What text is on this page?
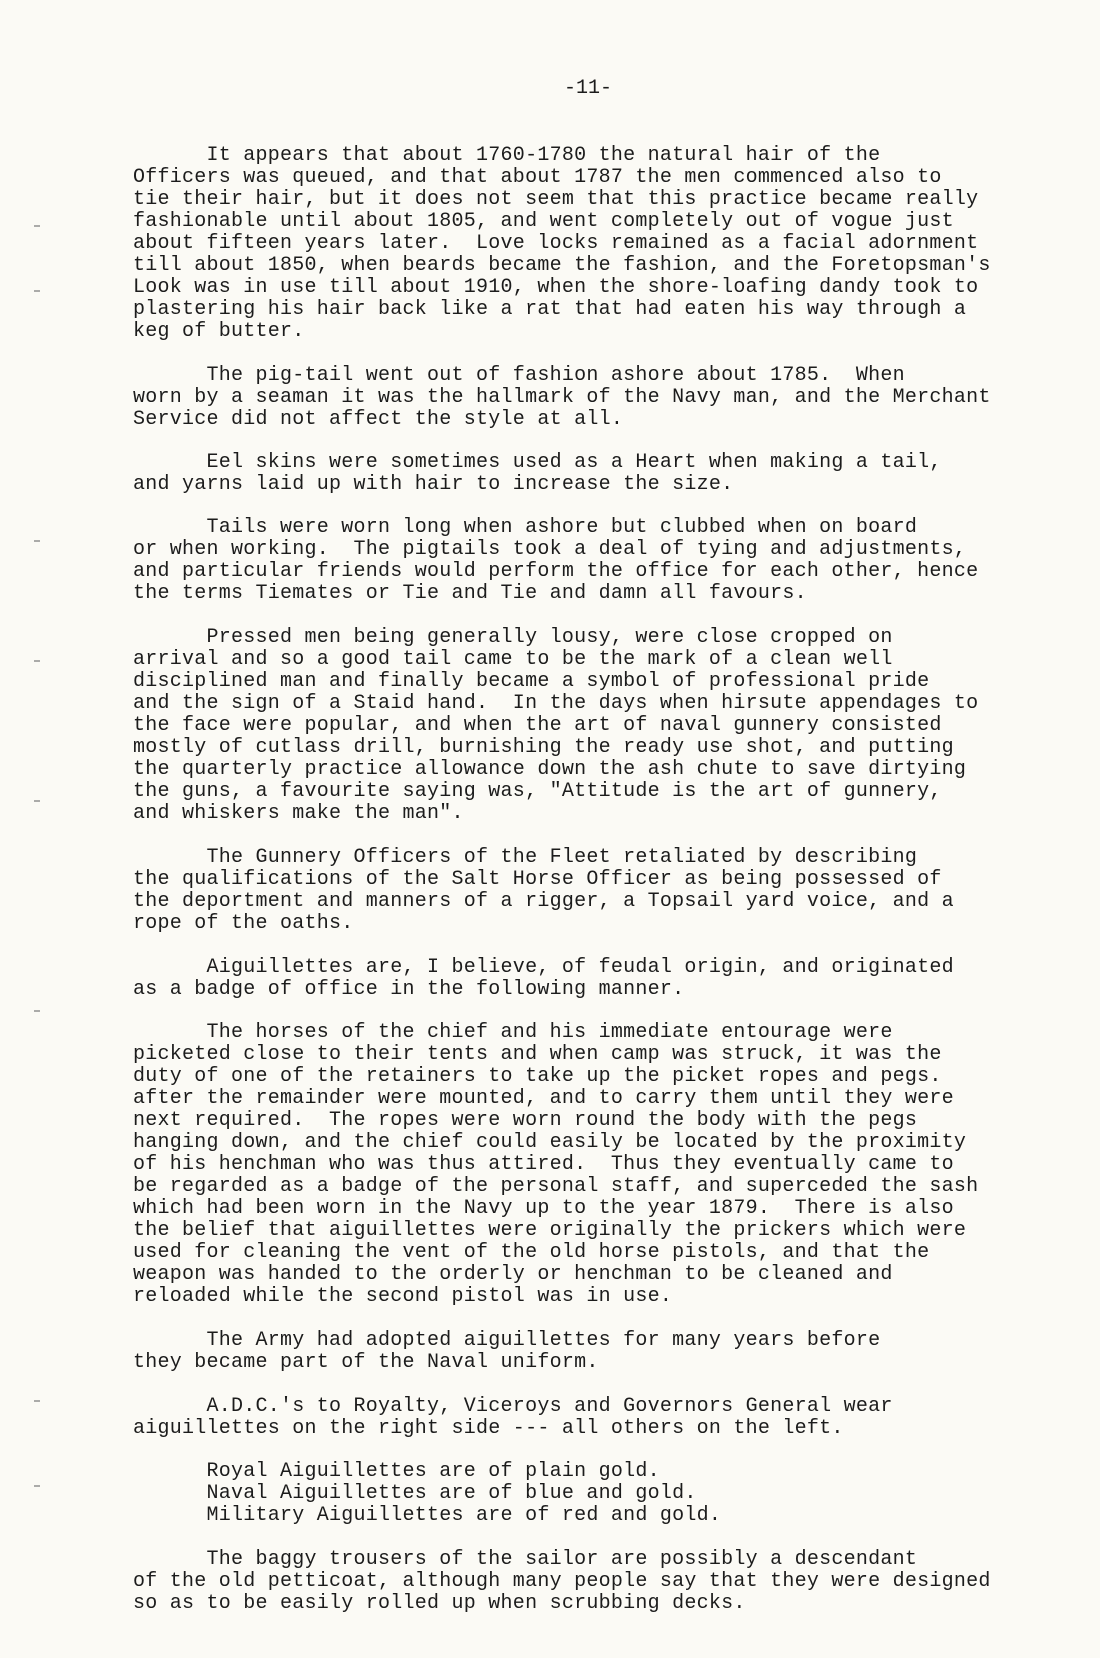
-11-
It appears that about 1760-1780 the natural hair of the
Officers was queued, and that about 1787 the men commenced also to
tie their hair, but it does not seem that this practice became really
fashionable until about 1805, and went completely out of vogue just
about fifteen years later.  Love locks remained as a facial adornment
till about 1850, when beards became the fashion, and the Foretopsman's
Look was in use till about 1910, when the shore-loafing dandy took to
plastering his hair back like a rat that had eaten his way through a
keg of butter.
The pig-tail went out of fashion ashore about 1785.  When
worn by a seaman it was the hallmark of the Navy man, and the Merchant
Service did not affect the style at all.
Eel skins were sometimes used as a Heart when making a tail,
and yarns laid up with hair to increase the size.
Tails were worn long when ashore but clubbed when on board
or when working.  The pigtails took a deal of tying and adjustments,
and particular friends would perform the office for each other, hence
the terms Tiemates or Tie and Tie and damn all favours.
Pressed men being generally lousy, were close cropped on
arrival and so a good tail came to be the mark of a clean well
disciplined man and finally became a symbol of professional pride
and the sign of a Staid hand.  In the days when hirsute appendages to
the face were popular, and when the art of naval gunnery consisted
mostly of cutlass drill, burnishing the ready use shot, and putting
the quarterly practice allowance down the ash chute to save dirtying
the guns, a favourite saying was, "Attitude is the art of gunnery,
and whiskers make the man".
The Gunnery Officers of the Fleet retaliated by describing
the qualifications of the Salt Horse Officer as being possessed of
the deportment and manners of a rigger, a Topsail yard voice, and a
rope of the oaths.
Aiguillettes are, I believe, of feudal origin, and originated
as a badge of office in the following manner.
The horses of the chief and his immediate entourage were
picketed close to their tents and when camp was struck, it was the
duty of one of the retainers to take up the picket ropes and pegs.
after the remainder were mounted, and to carry them until they were
next required.  The ropes were worn round the body with the pegs
hanging down, and the chief could easily be located by the proximity
of his henchman who was thus attired.  Thus they eventually came to
be regarded as a badge of the personal staff, and superceded the sash
which had been worn in the Navy up to the year 1879.  There is also
the belief that aiguillettes were originally the prickers which were
used for cleaning the vent of the old horse pistols, and that the
weapon was handed to the orderly or henchman to be cleaned and
reloaded while the second pistol was in use.
The Army had adopted aiguillettes for many years before
they became part of the Naval uniform.
A.D.C.'s to Royalty, Viceroys and Governors General wear
aiguillettes on the right side --- all others on the left.
Royal Aiguillettes are of plain gold.
Naval Aiguillettes are of blue and gold.
Military Aiguillettes are of red and gold.
The baggy trousers of the sailor are possibly a descendant
of the old petticoat, although many people say that they were designed
so as to be easily rolled up when scrubbing decks.
